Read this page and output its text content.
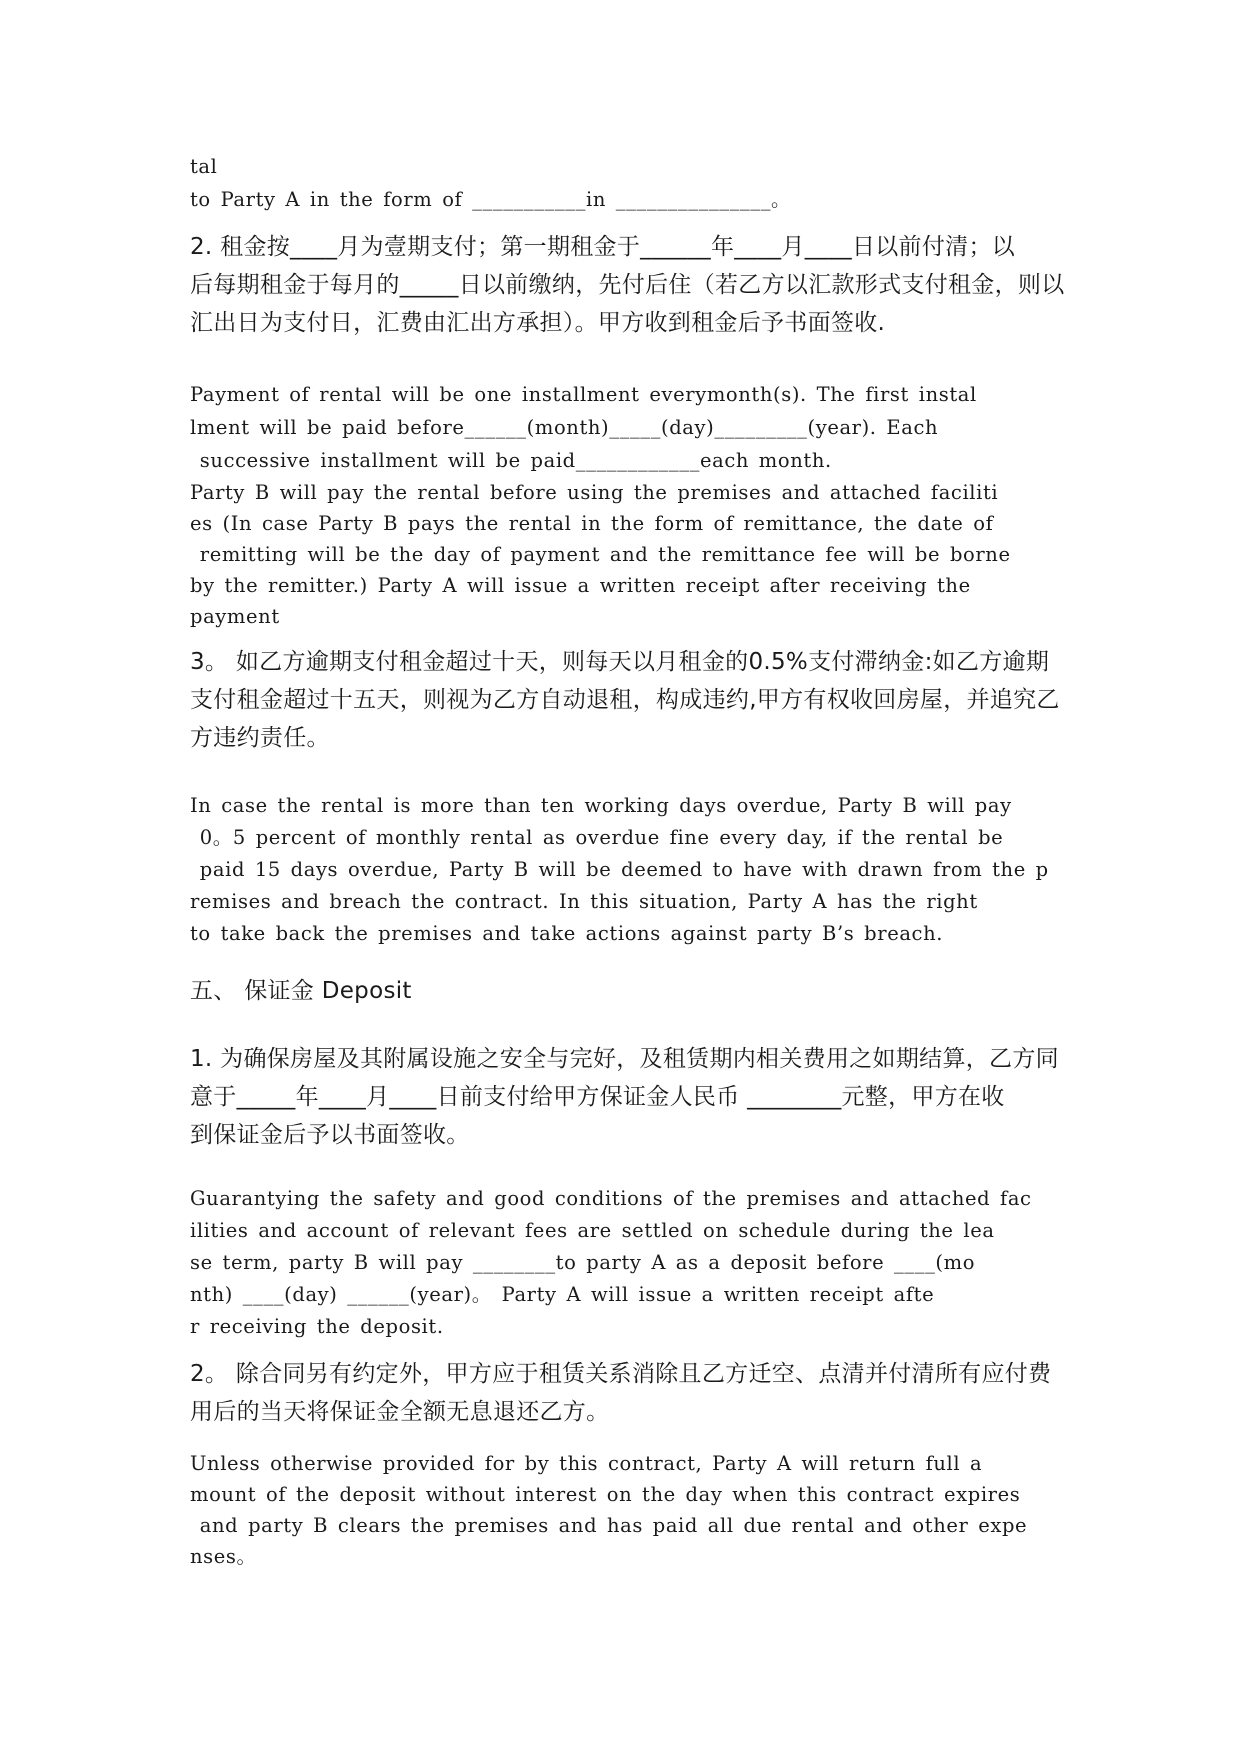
tal
to Party A in the form of ___________in _______________。
2. 租金按____月为壹期支付；第一期租金于______年____月____日以前付清；以
后每期租金于每月的_____日以前缴纳，先付后住（若乙方以汇款形式支付租金，则以
汇出日为支付日，汇费由汇出方承担）。甲方收到租金后予书面签收.
Payment of rental will be one installment everymonth(s). The first instal
lment will be paid before______(month)_____(day)_________(year). Each
successive installment will be paid____________each month.
Party B will pay the rental before using the premises and attached faciliti
es (In case Party B pays the rental in the form of remittance, the date of
remitting will be the day of payment and the remittance fee will be borne
by the remitter.) Party A will issue a written receipt after receiving the
payment
3。 如乙方逾期支付租金超过十天，则每天以月租金的0.5%支付滞纳金:如乙方逾期
支付租金超过十五天，则视为乙方自动退租，构成违约,甲方有权收回房屋，并追究乙
方违约责任。
In case the rental is more than ten working days overdue, Party B will pay
0。5 percent of monthly rental as overdue fine every day, if the rental be
paid 15 days overdue, Party B will be deemed to have with drawn from the p
remises and breach the contract. In this situation, Party A has the right
to take back the premises and take actions against party B’s breach.
五、 保证金 Deposit
1. 为确保房屋及其附属设施之安全与完好，及租赁期内相关费用之如期结算，乙方同
意于_____年____月____日前支付给甲方保证金人民币 ________元整，甲方在收
到保证金后予以书面签收。
Guarantying the safety and good conditions of the premises and attached fac
ilities and account of relevant fees are settled on schedule during the lea
se term, party B will pay ________to party A as a deposit before ____(mo
nth) ____(day) ______(year)。 Party A will issue a written receipt afte
r receiving the deposit.
2。 除合同另有约定外，甲方应于租赁关系消除且乙方迁空、点清并付清所有应付费
用后的当天将保证金全额无息退还乙方。
Unless otherwise provided for by this contract, Party A will return full a
mount of the deposit without interest on the day when this contract expires
and party B clears the premises and has paid all due rental and other expe
nses。
